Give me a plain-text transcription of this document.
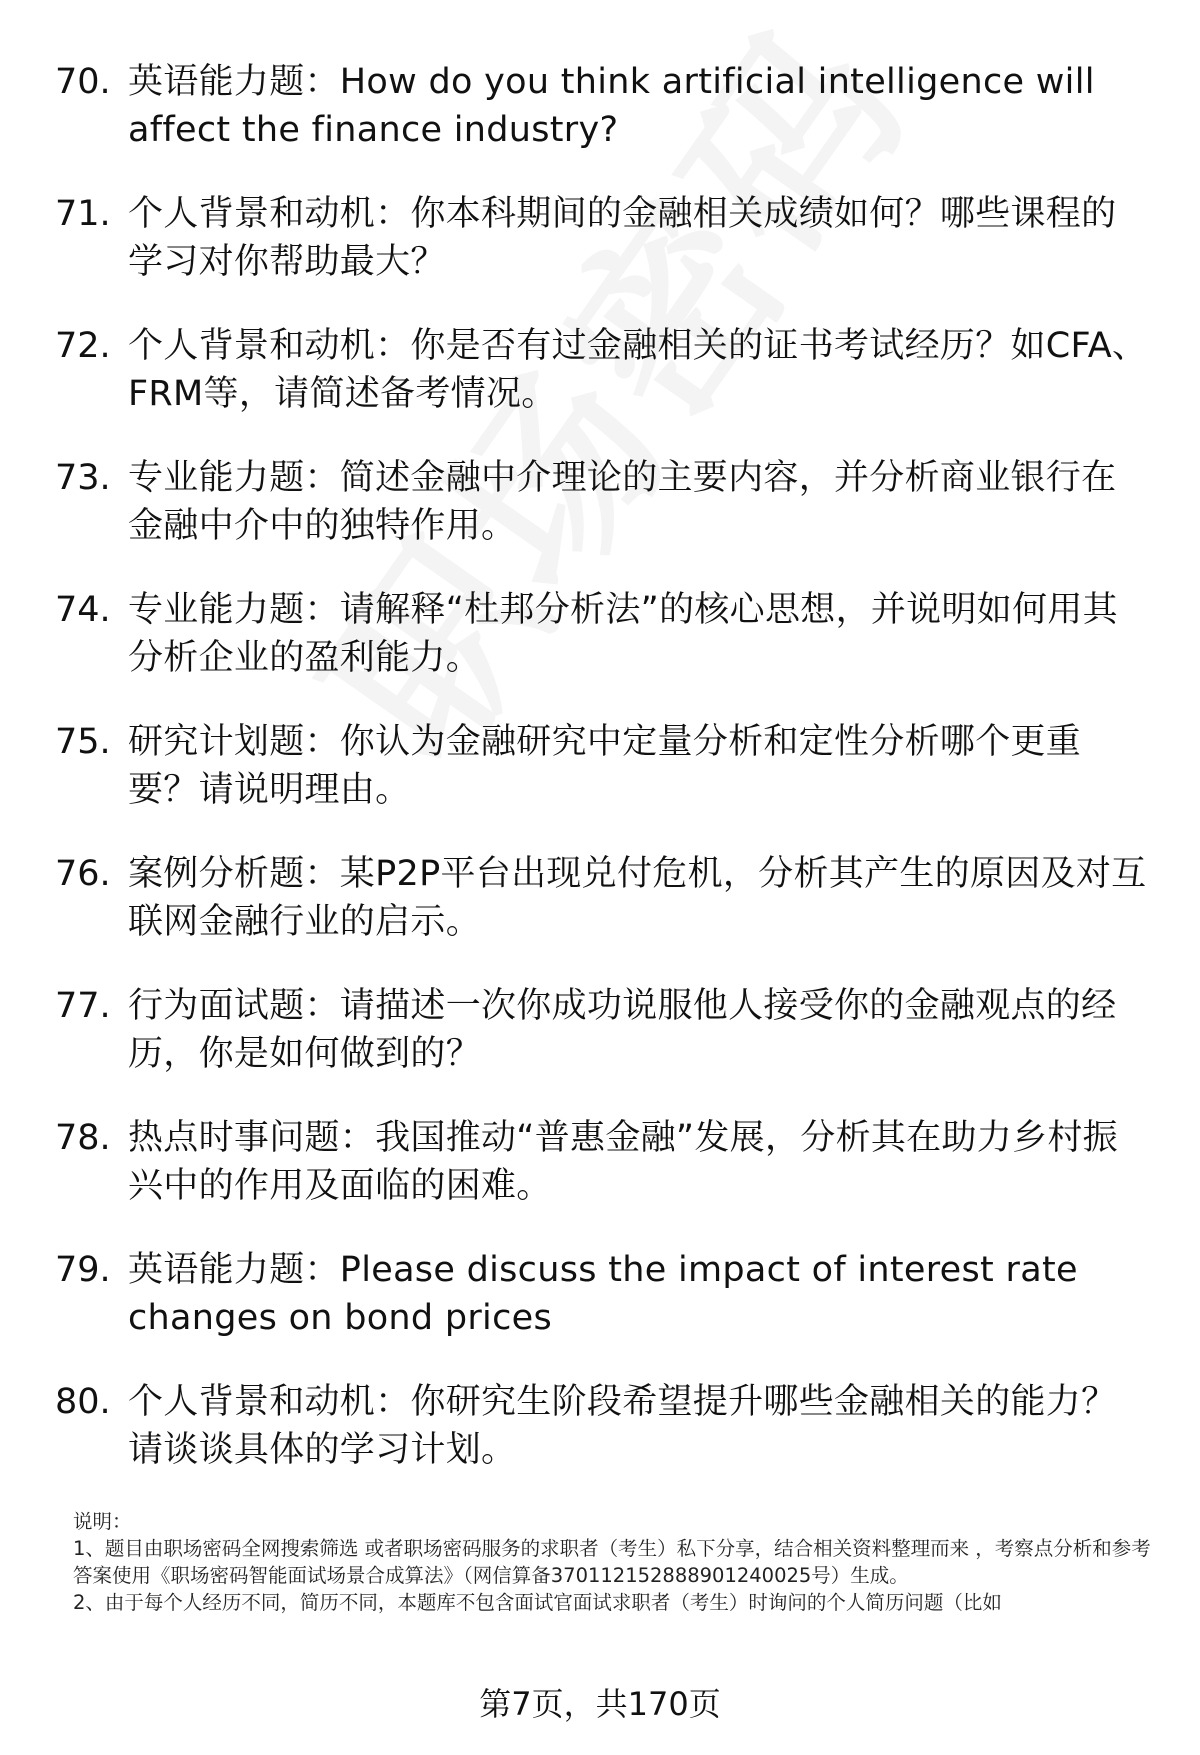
70. 英语能力题：How do you think artificial intelligence will affect the finance industry?
71. 个人背景和动机：你本科期间的金融相关成绩如何？哪些课程的学习对你帮助最大？
72. 个人背景和动机：你是否有过金融相关的证书考试经历？如CFA、FRM等，请简述备考情况。
73. 专业能力题：简述金融中介理论的主要内容，并分析商业银行在金融中介中的独特作用。
74. 专业能力题：请解释“杜邦分析法”的核心思想，并说明如何用其分析企业的盈利能力。
75. 研究计划题：你认为金融研究中定量分析和定性分析哪个更重要？请说明理由。
76. 案例分析题：某P2P平台出现兑付危机，分析其产生的原因及对互联网金融行业的启示。
77. 行为面试题：请描述一次你成功说服他人接受你的金融观点的经历，你是如何做到的？
78. 热点时事问题：我国推动“普惠金融”发展，分析其在助力乡村振兴中的作用及面临的困难。
79. 英语能力题：Please discuss the impact of interest rate changes on bond prices
80. 个人背景和动机：你研究生阶段希望提升哪些金融相关的能力？请谈谈具体的学习计划。

说明：

1、题目由职场密码全网搜索筛选 或者职场密码服务的求职者（考生）私下分享，结合相关资料整理而来 ，考察点分析和参考答案使用《职场密码智能面试场景合成算法》（网信算备370112152888901240025号）生成。

2、由于每个人经历不同，简历不同，本题库不包含面试官面试求职者（考生）时询问的个人简历问题（比如

第7页，共170页
